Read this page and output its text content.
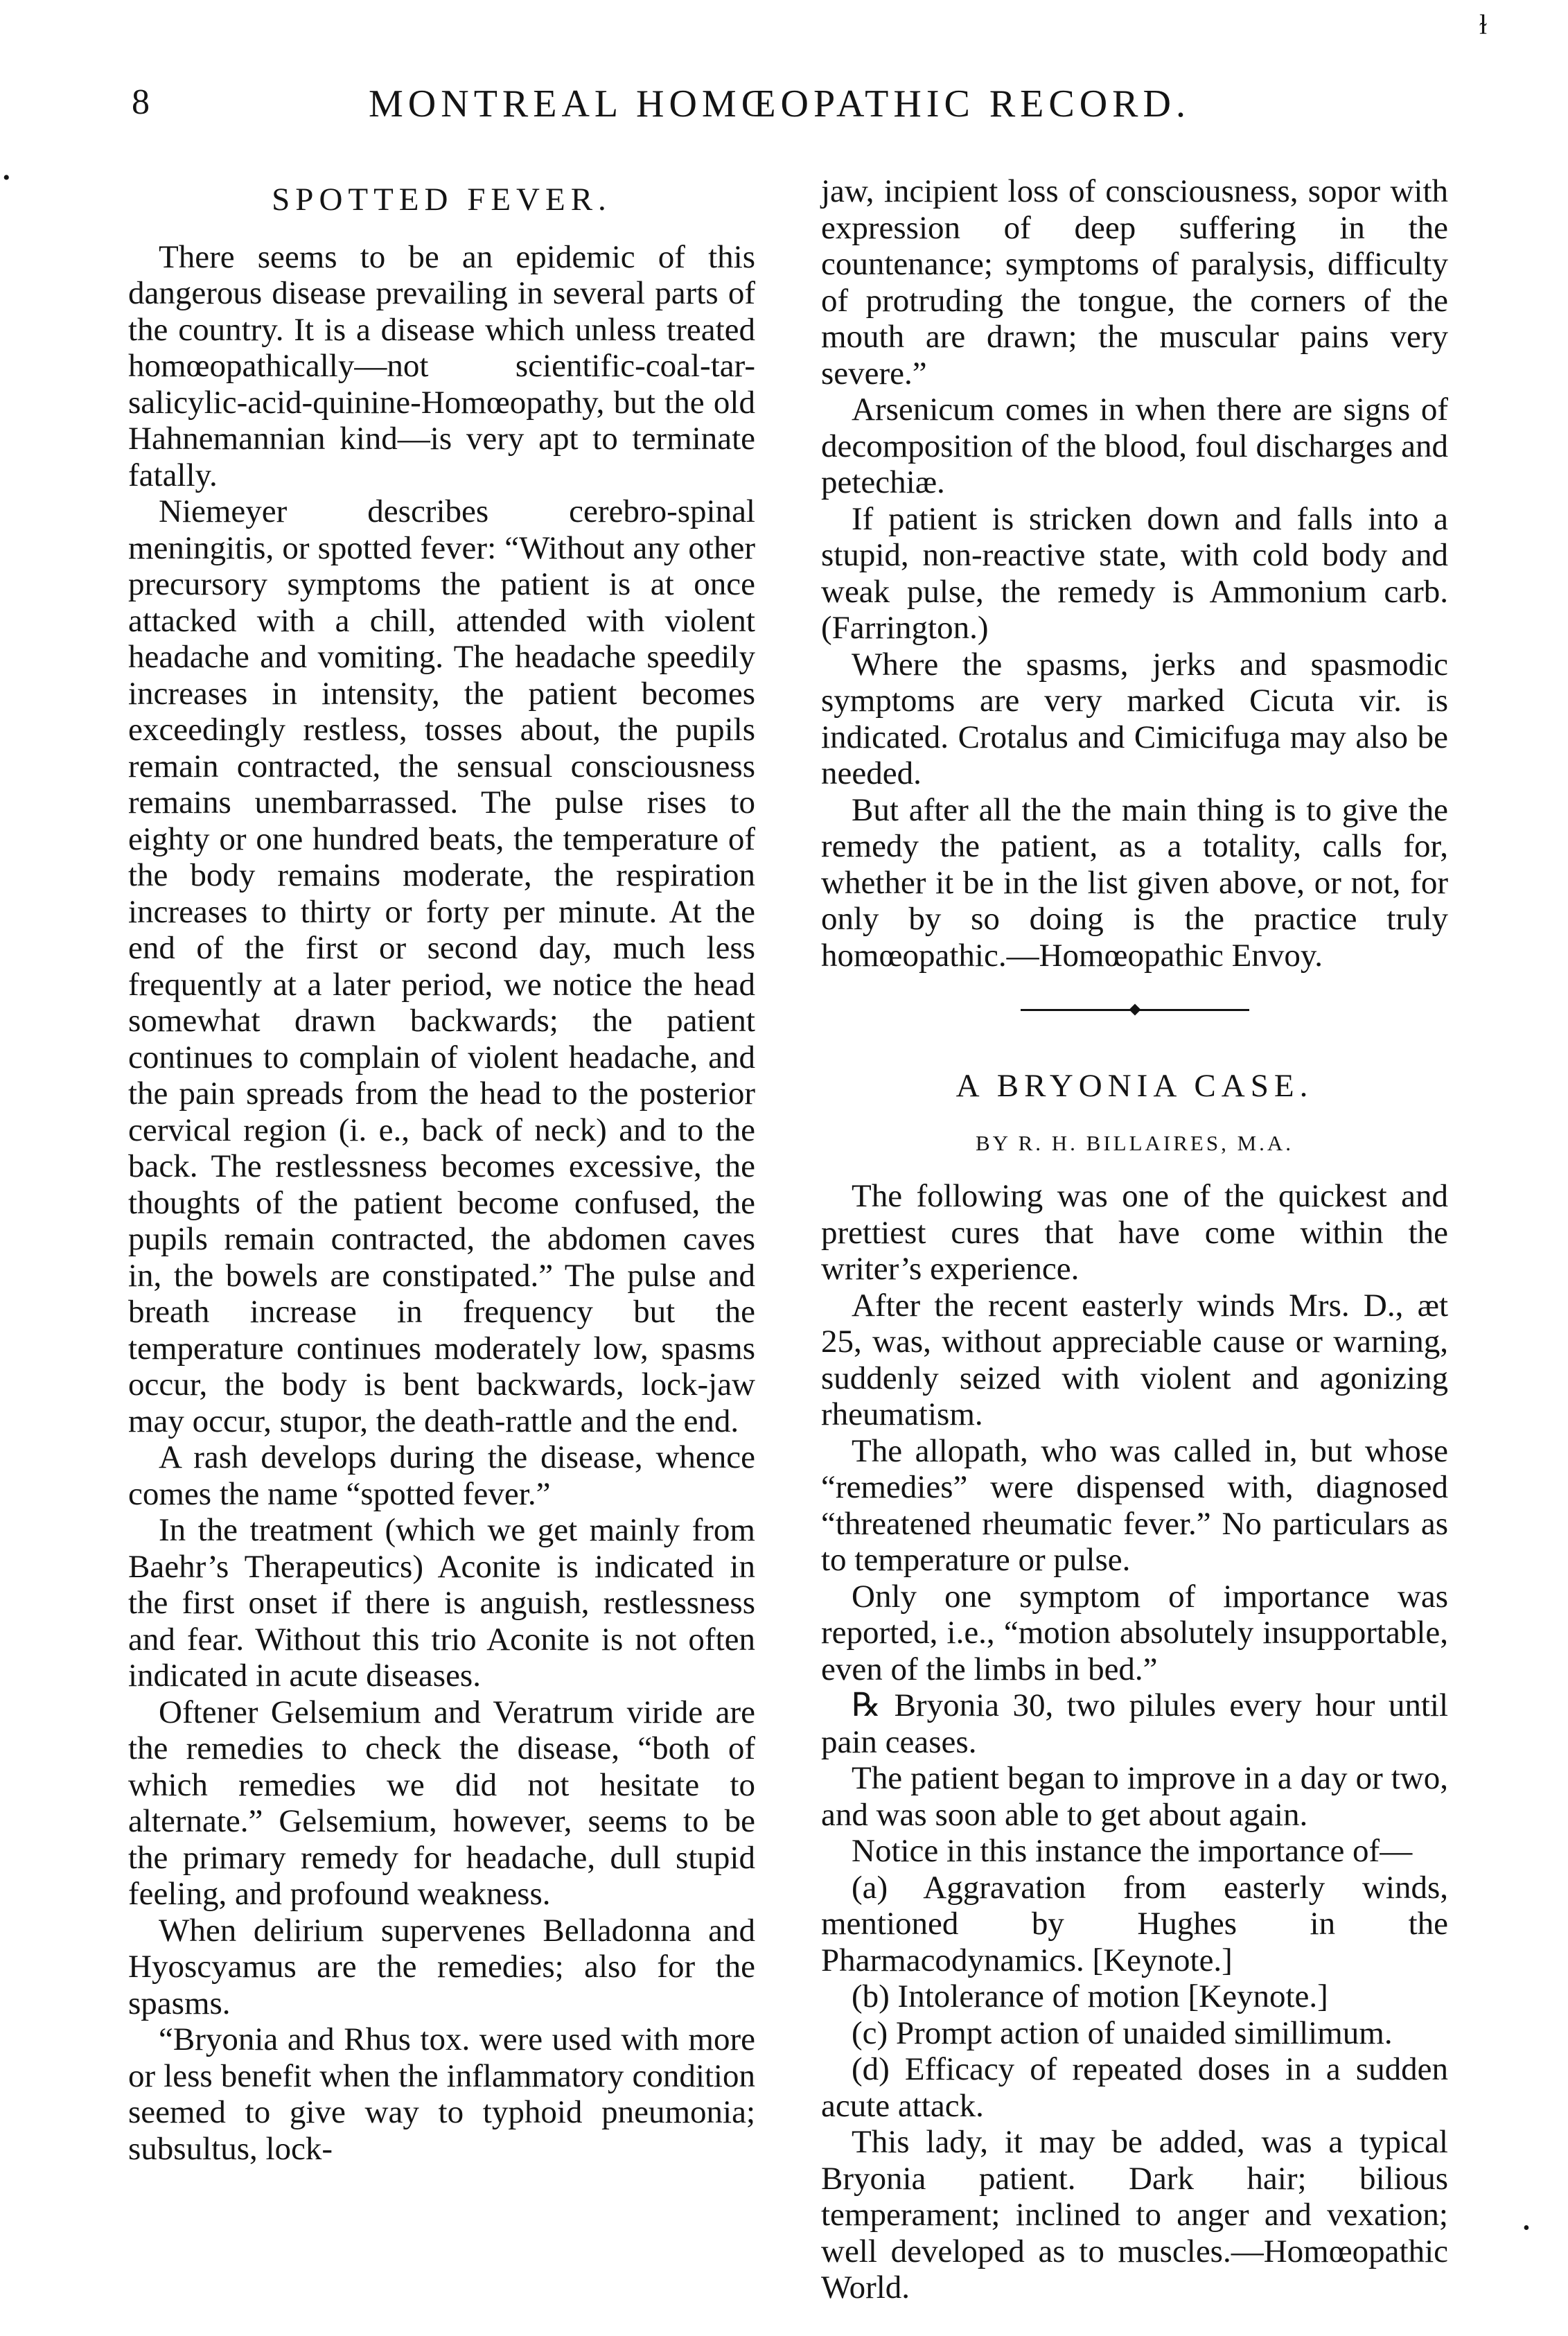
ɫ
•
•
8	MONTREAL HOMŒOPATHIC RECORD.
SPOTTED FEVER.

There seems to be an epidemic of this dangerous disease prevailing in several parts of the country. It is a disease which unless treated homœopathically—not scientific-coal-tar-salicylic-acid-quinine-Homœopathy, but the old Hahnemannian kind—is very apt to terminate fatally.

Niemeyer describes cerebro-spinal meningitis, or spotted fever: “Without any other precursory symptoms the patient is at once attacked with a chill, attended with violent headache and vomiting. The headache speedily increases in intensity, the patient becomes exceedingly restless, tosses about, the pupils remain contracted, the sensual consciousness remains unembarrassed. The pulse rises to eighty or one hundred beats, the temperature of the body remains moderate, the respiration increases to thirty or forty per minute. At the end of the first or second day, much less frequently at a later period, we notice the head somewhat drawn backwards; the patient continues to complain of violent headache, and the pain spreads from the head to the posterior cervical region (i. e., back of neck) and to the back. The restlessness becomes excessive, the thoughts of the patient become confused, the pupils remain contracted, the abdomen caves in, the bowels are constipated.” The pulse and breath increase in frequency but the temperature continues moderately low, spasms occur, the body is bent backwards, lock-jaw may occur, stupor, the death-rattle and the end.

A rash develops during the disease, whence comes the name “spotted fever.”

In the treatment (which we get mainly from Baehr’s Therapeutics) Aconite is indicated in the first onset if there is anguish, restlessness and fear. Without this trio Aconite is not often indicated in acute diseases.

Oftener Gelsemium and Veratrum viride are the remedies to check the disease, “both of which remedies we did not hesitate to alternate.” Gelsemium, however, seems to be the primary remedy for headache, dull stupid feeling, and profound weakness.

When delirium supervenes Belladonna and Hyoscyamus are the remedies; also for the spasms.

“Bryonia and Rhus tox. were used with more or less benefit when the inflammatory condition seemed to give way to typhoid pneumonia; subsultus, lock-

jaw, incipient loss of consciousness, sopor with expression of deep suffering in the countenance; symptoms of paralysis, difficulty of protruding the tongue, the corners of the mouth are drawn; the muscular pains very severe.”

Arsenicum comes in when there are signs of decomposition of the blood, foul discharges and petechiæ.

If patient is stricken down and falls into a stupid, non-reactive state, with cold body and weak pulse, the remedy is Ammonium carb. (Farrington.)

Where the spasms, jerks and spasmodic symptoms are very marked Cicuta vir. is indicated. Crotalus and Cimicifuga may also be needed.

But after all the the main thing is to give the remedy the patient, as a totality, calls for, whether it be in the list given above, or not, for only by so doing is the practice truly homœopathic.—Homœopathic Envoy.

A BRYONIA CASE.
BY R. H. BILLAIRES, M.A.

The following was one of the quickest and prettiest cures that have come within the writer’s experience.

After the recent easterly winds Mrs. D., æt 25, was, without appreciable cause or warning, suddenly seized with violent and agonizing rheumatism.

The allopath, who was called in, but whose “remedies” were dispensed with, diagnosed “threatened rheumatic fever.” No particulars as to temperature or pulse.

Only one symptom of importance was reported, i.e., “motion absolutely insupportable, even of the limbs in bed.”

℞ Bryonia 30, two pilules every hour until pain ceases.

The patient began to improve in a day or two, and was soon able to get about again.

Notice in this instance the importance of—

(a) Aggravation from easterly winds, mentioned by Hughes in the Pharmacodynamics. [Keynote.]

(b) Intolerance of motion [Keynote.]

(c) Prompt action of unaided simillimum.

(d) Efficacy of repeated doses in a sudden acute attack.

This lady, it may be added, was a typical Bryonia patient. Dark hair; bilious temperament; inclined to anger and vexation; well developed as to muscles.—Homœopathic World.
